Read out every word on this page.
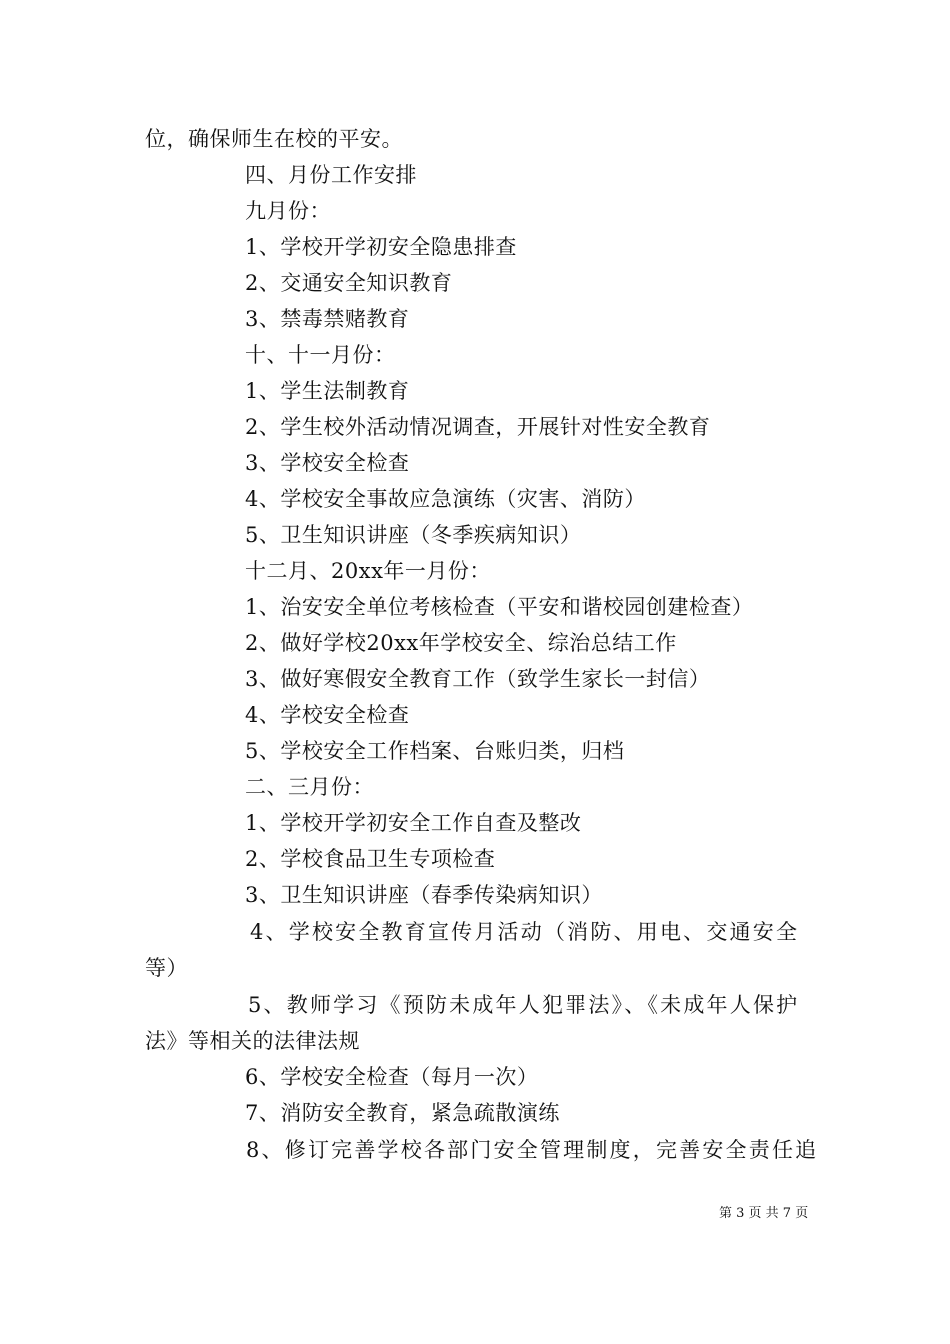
位，确保师生在校的平安。
四、月份工作安排
九月份：
1、学校开学初安全隐患排查
2、交通安全知识教育
3、禁毒禁赌教育
十、十一月份：
1、学生法制教育
2、学生校外活动情况调查，开展针对性安全教育
3、学校安全检查
4、学校安全事故应急演练（灾害、消防）
5、卫生知识讲座（冬季疾病知识）
十二月、20xx年一月份：
1、治安安全单位考核检查（平安和谐校园创建检查）
2、做好学校20xx年学校安全、综治总结工作
3、做好寒假安全教育工作（致学生家长一封信）
4、学校安全检查
5、学校安全工作档案、台账归类，归档
二、三月份：
1、学校开学初安全工作自查及整改
2、学校食品卫生专项检查
3、卫生知识讲座（春季传染病知识）
4、学校安全教育宣传月活动（消防、用电、交通安全
等）
5、教师学习《预防未成年人犯罪法》、《未成年人保护
法》等相关的法律法规
6、学校安全检查（每月一次）
7、消防安全教育，紧急疏散演练
8、修订完善学校各部门安全管理制度，完善安全责任追
第 3 页 共 7 页
